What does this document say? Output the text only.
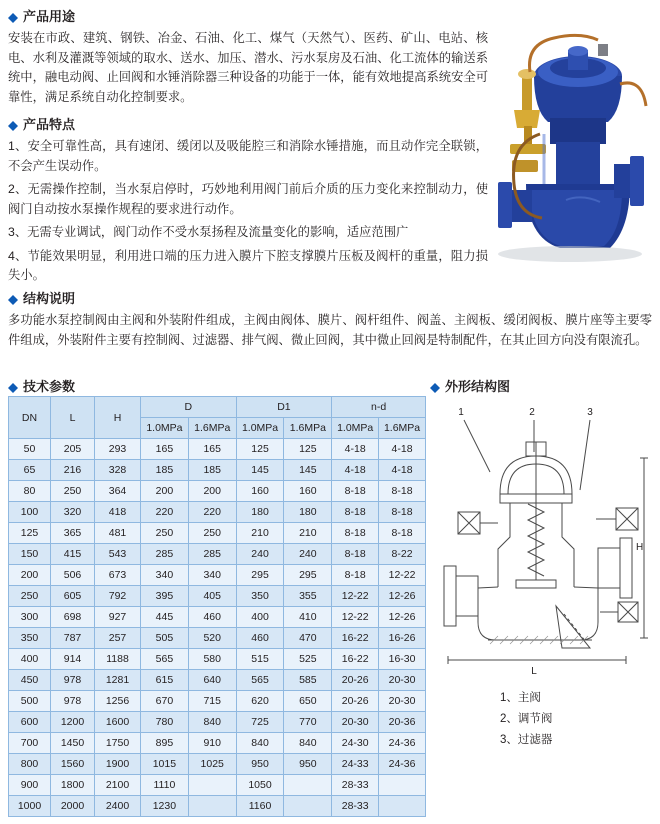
产品用途

安装在市政、建筑、钢铁、冶金、石油、化工、煤气（天然气）、医药、矿山、电站、核电、水利及灌溉等领域的取水、送水、加压、潜水、污水泵房及石油、化工流体的输送系统中，融电动阀、止回阀和水锤消除器三种设备的功能于一体，能有效地提高系统安全可靠性，满足系统自动化控制要求。

产品特点

1、安全可靠性高，具有速闭、缓闭以及吸能腔三和消除水锤措施，而且动作完全联锁，不会产生误动作。

2、无需操作控制，当水泵启停时，巧妙地利用阀门前后介质的压力变化来控制动力，使阀门自动按水泵操作规程的要求进行动作。

3、无需专业调试，阀门动作不受水泵扬程及流量变化的影响，适应范围广

4、节能效果明显，利用进口端的压力进入膜片下腔支撑膜片压板及阀杆的重量，阻力损失小。

结构说明

多功能水泵控制阀由主阀和外装附件组成，主阀由阀体、膜片、阀杆组件、阀盖、主阀板、缓闭阀板、膜片座等主要零件组成，外装附件主要有控制阀、过滤器、排气阀、微止回阀，其中微止回阀是特制配件，在其止回方向没有限流孔。

技术参数
DN	L	H	D		D1		n-d	
			1.0MPa	1.6MPa	1.0MPa	1.6MPa	1.0MPa	1.6MPa
50	205	293	165	165	125	125	4-18	4-18
65	216	328	185	185	145	145	4-18	4-18
80	250	364	200	200	160	160	8-18	8-18
100	320	418	220	220	180	180	8-18	8-18
125	365	481	250	250	210	210	8-18	8-18
150	415	543	285	285	240	240	8-18	8-22
200	506	673	340	340	295	295	8-18	12-22
250	605	792	395	405	350	355	12-22	12-26
300	698	927	445	460	400	410	12-22	12-26
350	787	257	505	520	460	470	16-22	16-26
400	914	1188	565	580	515	525	16-22	16-30
450	978	1281	615	640	565	585	20-26	20-30
500	978	1256	670	715	620	650	20-26	20-30
600	1200	1600	780	840	725	770	20-30	20-36
700	1450	1750	895	910	840	840	24-30	24-36
800	1560	1900	1015	1025	950	950	24-33	24-36
900	1800	2100	1110		1050		28-33	
1000	2000	2400	1230		1160		28-33	
外形结构图
1	2	3
L
H
1、主阀
2、调节阀
3、过滤器
